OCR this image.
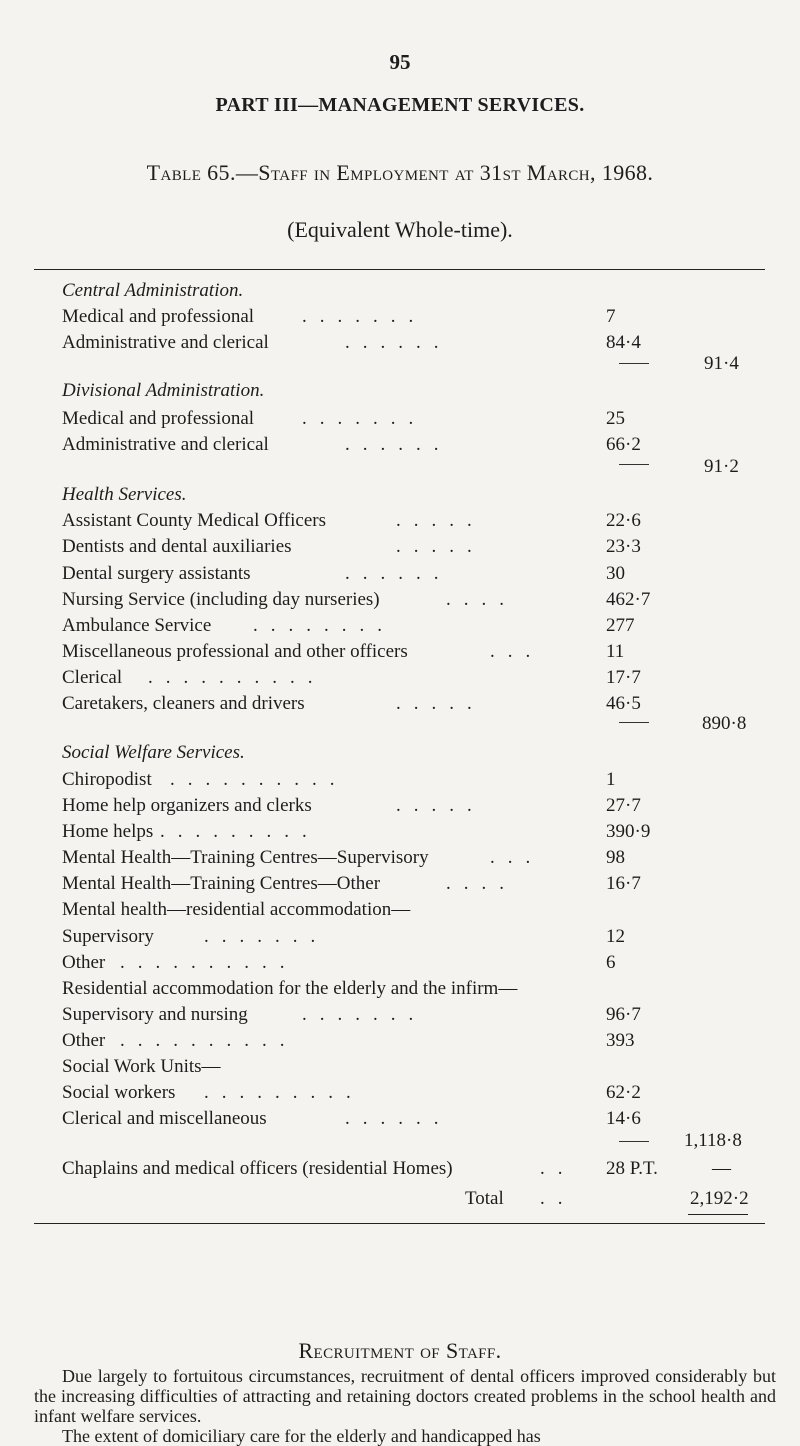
95
PART III—MANAGEMENT SERVICES.
Table 65.—Staff in Employment at 31st March, 1968.
(Equivalent Whole-time).
Central Administration.
Medical and professional	.......	7
Administrative and clerical	......	84·4
91·4
Divisional Administration.
Medical and professional	.......	25
Administrative and clerical	......	66·2
91·2
Health Services.
Assistant County Medical Officers	.....	22·6
Dentists and dental auxiliaries	.....	23·3
Dental surgery assistants	......	30
Nursing Service (including day nurseries)	....	462·7
Ambulance Service ........	277
Miscellaneous professional and other officers	...	11
Clerical ..........	17·7
Caretakers, cleaners and drivers	.....	46·5
890·8
Social Welfare Services.
Chiropodist ..........	1
Home help organizers and clerks	.....	27·7
Home helps .........	390·9
Mental Health—Training Centres—Supervisory	...	98
Mental Health—Training Centres—Other	....	16·7
Mental health—residential accommodation—
Supervisory	.......	12
Other ..........	6
Residential accommodation for the elderly and the infirm—
Supervisory and nursing	.......	96·7
Other ..........	393
Social Work Units—
Social workers .........	62·2
Clerical and miscellaneous	......	14·6
1,118·8
Chaplains and medical officers (residential Homes)	.. 28 P.T.	—
Total ..	2,192·2
Recruitment of Staff.
Due largely to fortuitous circumstances, recruitment of dental officers improved considerably but the increasing difficulties of attracting and retaining doctors created problems in the school health and infant welfare services.
The extent of domiciliary care for the elderly and handicapped has
